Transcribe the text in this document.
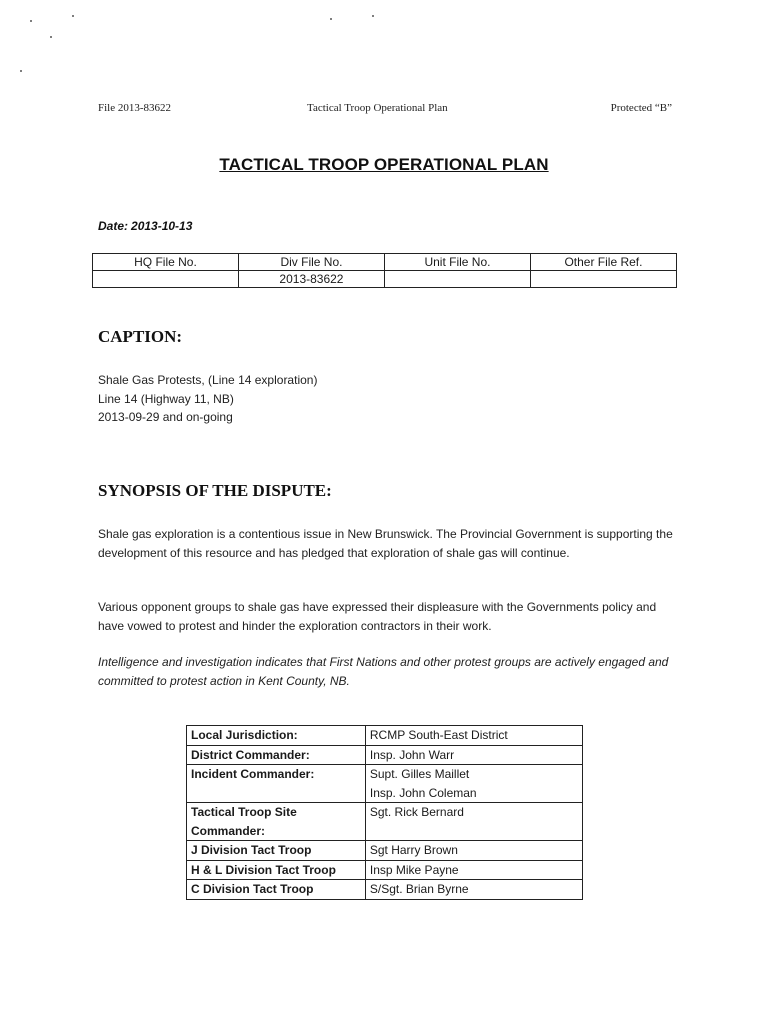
File 2013-83622	Tactical Troop Operational Plan	Protected “B”
TACTICAL TROOP OPERATIONAL PLAN
Date: 2013-10-13
HQ File No.	Div File No.	Unit File No.	Other File Ref.
	2013-83622		
CAPTION:
Shale Gas Protests, (Line 14 exploration)
Line 14 (Highway 11, NB)
2013-09-29 and on-going
SYNOPSIS OF THE DISPUTE:
Shale gas exploration is a contentious issue in New Brunswick. The Provincial Government is supporting the development of this resource and has pledged that exploration of shale gas will continue.
Various opponent groups to shale gas have expressed their displeasure with the Governments policy and have vowed to protest and hinder the exploration contractors in their work.
Intelligence and investigation indicates that First Nations and other protest groups are actively engaged and committed to protest action in Kent County, NB.
Local Jurisdiction:	RCMP South-East District
District Commander:	Insp. John Warr
Incident Commander:	Supt. Gilles Maillet
Insp. John Coleman

Tactical Troop Site Commander:	Sgt. Rick Bernard
J Division Tact Troop	Sgt Harry Brown
H & L Division Tact Troop	Insp Mike Payne
C Division Tact Troop	S/Sgt. Brian Byrne
